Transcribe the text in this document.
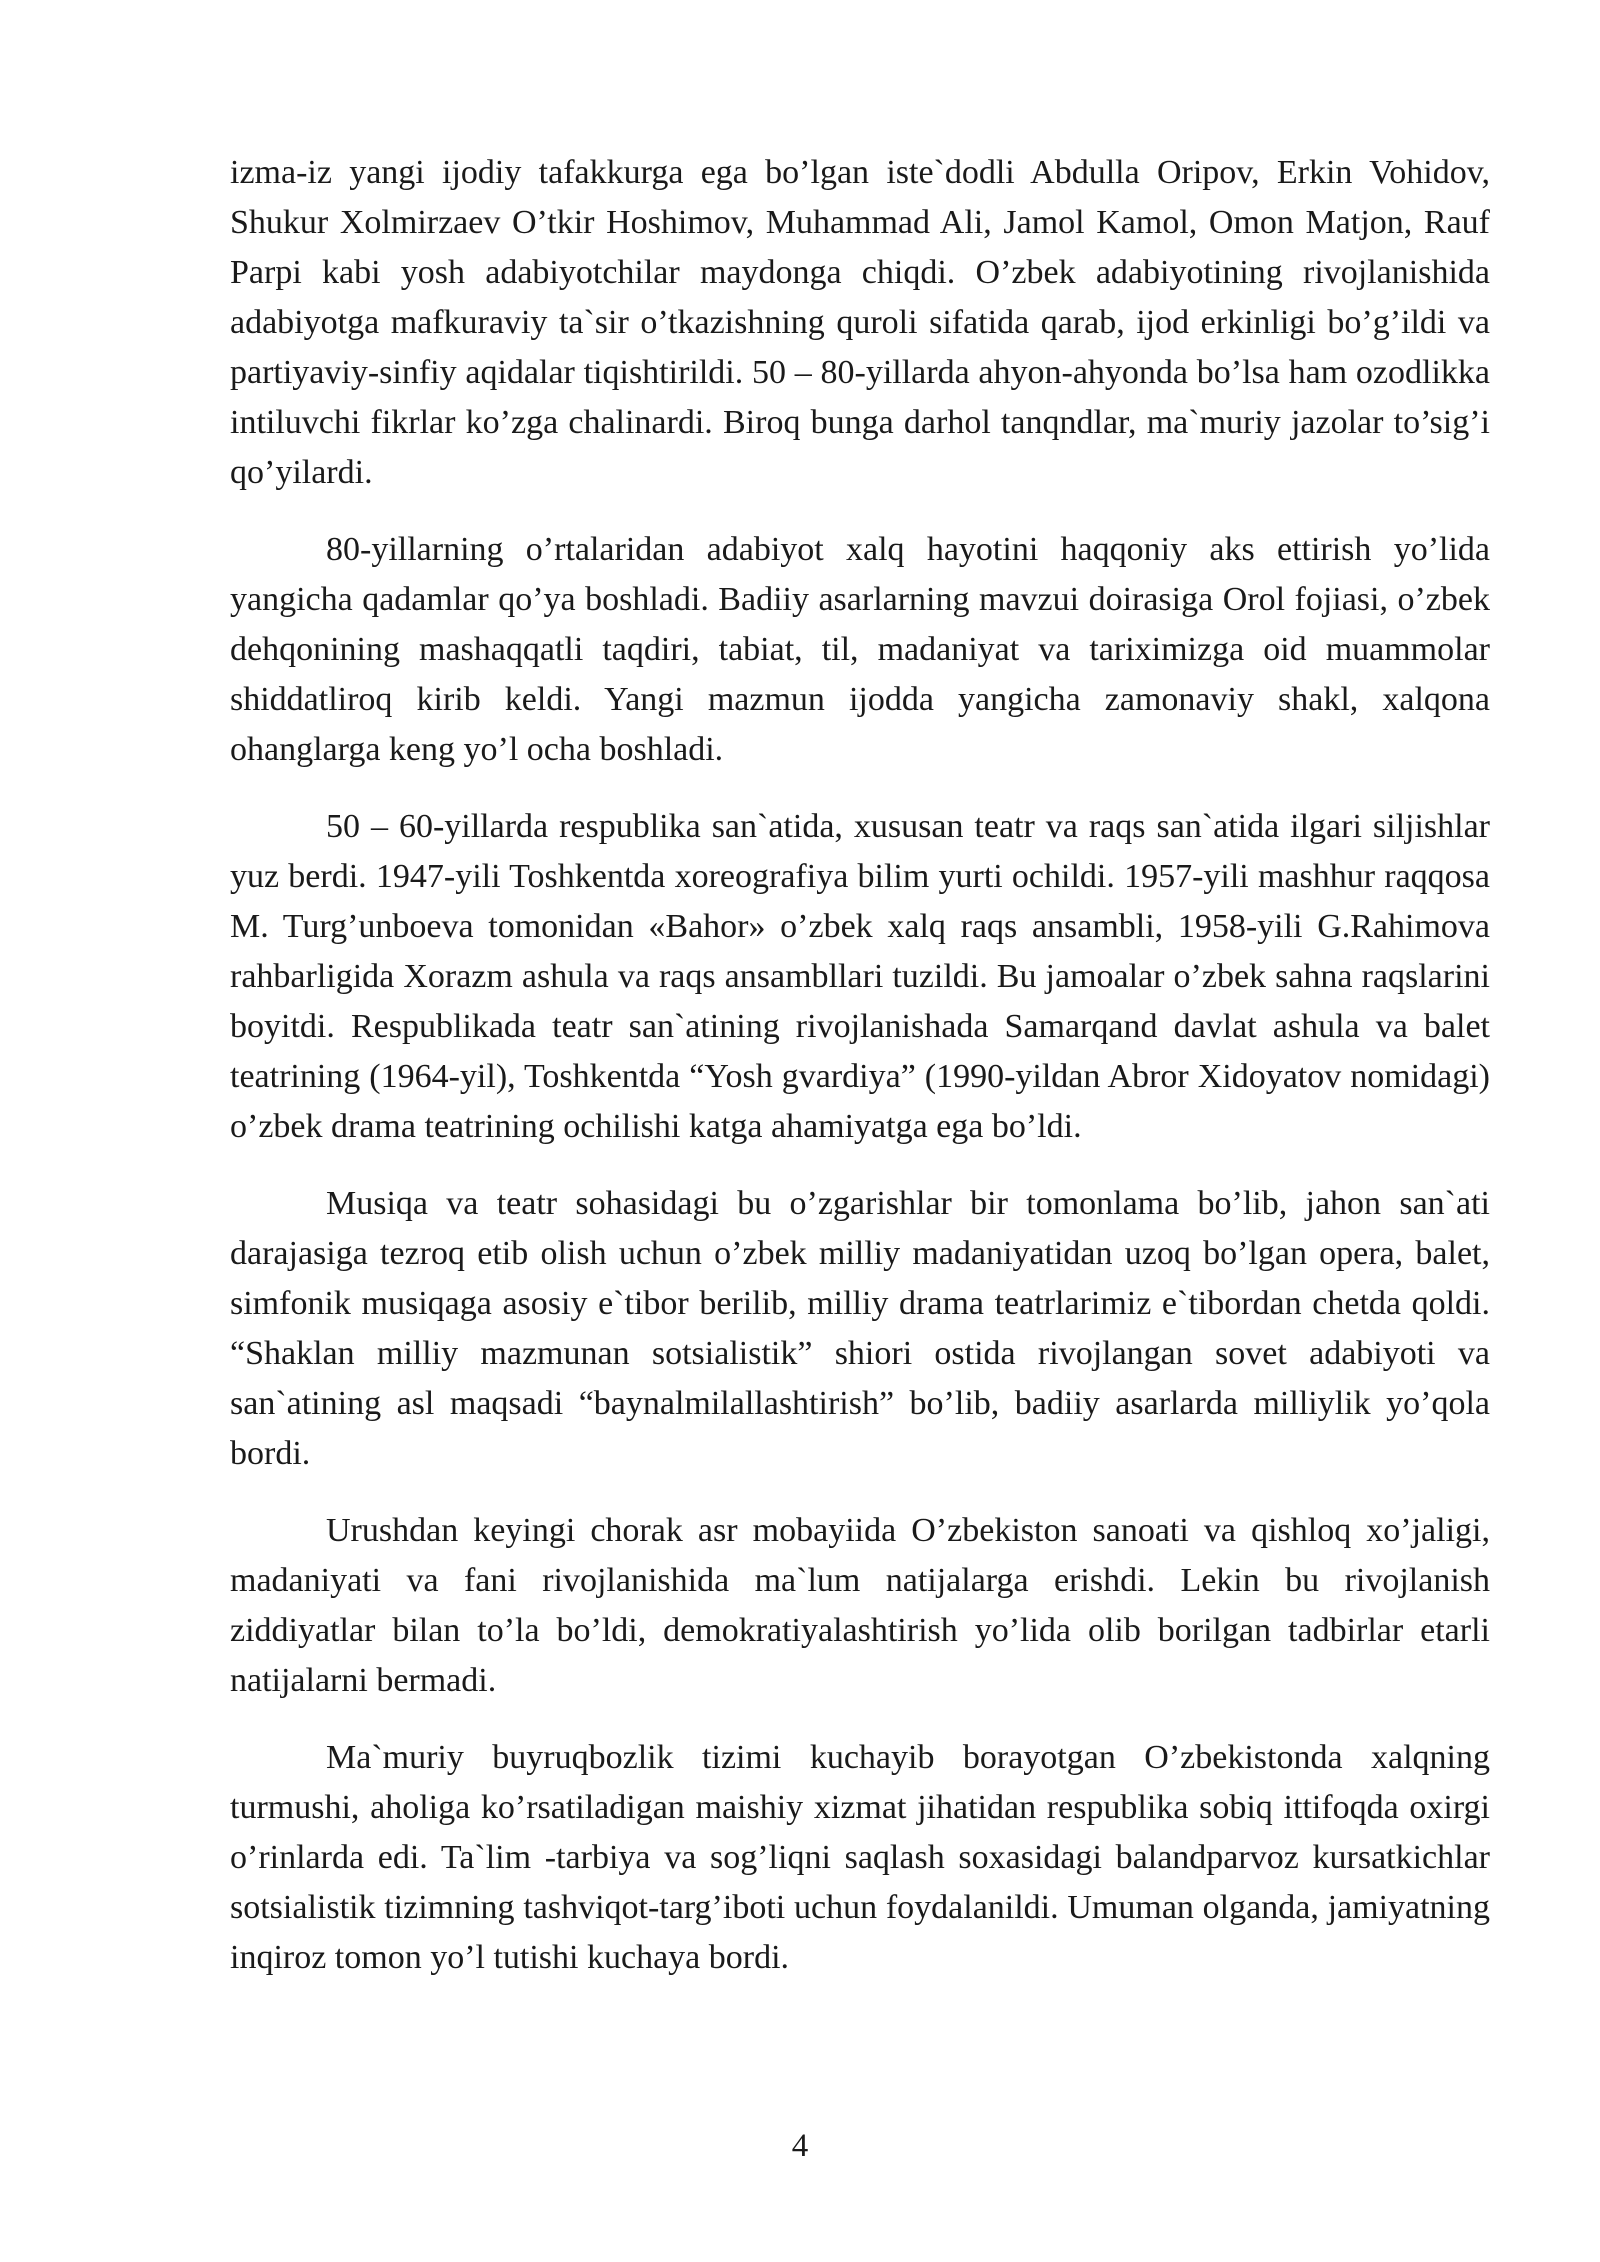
izma-iz yangi ijodiy tafakkurga ega bo’lgan iste`dodli Abdulla Oripov, Erkin Vohidov, Shukur Xolmirzaev O’tkir Hoshimov, Muhammad Ali, Jamol Kamol, Omon Matjon, Rauf Parpi kabi yosh adabiyotchilar maydonga chiqdi. O’zbek adabiyotining rivojlanishida adabiyotga mafkuraviy ta`sir o’tkazishning quroli sifatida qarab, ijod erkinligi bo’g’ildi va partiyaviy-sinfiy aqidalar tiqishtirildi. 50 – 80-yillarda ahyon-ahyonda bo’lsa ham ozodlikka intiluvchi fikrlar ko’zga chalinardi. Biroq bunga darhol tanqndlar, ma`muriy jazolar to’sig’i qo’yilardi.

80-yillarning o’rtalaridan adabiyot xalq hayotini haqqoniy aks ettirish yo’lida yangicha qadamlar qo’ya boshladi. Badiiy asarlarning mavzui doirasiga Orol fojiasi, o’zbek dehqonining mashaqqatli taqdiri, tabiat, til, madaniyat va tariximizga oid muammolar shiddatliroq kirib keldi. Yangi mazmun ijodda yangicha zamonaviy shakl, xalqona ohanglarga keng yo’l ocha boshladi.

50 – 60-yillarda respublika san`atida, xususan teatr va raqs san`atida ilgari siljishlar yuz berdi. 1947-yili Toshkentda xoreografiya bilim yurti ochildi. 1957-yili mashhur raqqosa M. Turg’unboeva tomonidan «Bahor» o’zbek xalq raqs ansambli, 1958-yili G.Rahimova rahbarligida Xorazm ashula va raqs ansambllari tuzildi. Bu jamoalar o’zbek sahna raqslarini boyitdi. Respublikada teatr san`atining rivojlanishada Samarqand davlat ashula va balet teatrining (1964-yil), Toshkentda “Yosh gvardiya” (1990-yildan Abror Xidoyatov nomidagi) o’zbek drama teatrining ochilishi katga ahamiyatga ega bo’ldi.

Musiqa va teatr sohasidagi bu o’zgarishlar bir tomonlama bo’lib, jahon san`ati darajasiga tezroq etib olish uchun o’zbek milliy madaniyatidan uzoq bo’lgan opera, balet, simfonik musiqaga asosiy e`tibor berilib, milliy drama teatrlarimiz e`tibordan chetda qoldi. “Shaklan milliy mazmunan sotsialistik” shiori ostida rivojlangan sovet adabiyoti va san`atining asl maqsadi “baynalmilallashtirish” bo’lib, badiiy asarlarda milliylik yo’qola bordi.

Urushdan keyingi chorak asr mobayiida O’zbekiston sanoati va qishloq xo’jaligi, madaniyati va fani rivojlanishida ma`lum natijalarga erishdi. Lekin bu rivojlanish ziddiyatlar bilan to’la bo’ldi, demokratiyalashtirish yo’lida olib borilgan tadbirlar etarli natijalarni bermadi.

Ma`muriy buyruqbozlik tizimi kuchayib borayotgan O’zbekistonda xalqning turmushi, aholiga ko’rsatiladigan maishiy xizmat jihatidan respublika sobiq ittifoqda oxirgi o’rinlarda edi. Ta`lim -tarbiya va sog’liqni saqlash soxasidagi balandparvoz kursatkichlar sotsialistik tizimning tashviqot-targ’iboti uchun foydalanildi. Umuman olganda, jamiyatning inqiroz tomon yo’l tutishi kuchaya bordi.

4
